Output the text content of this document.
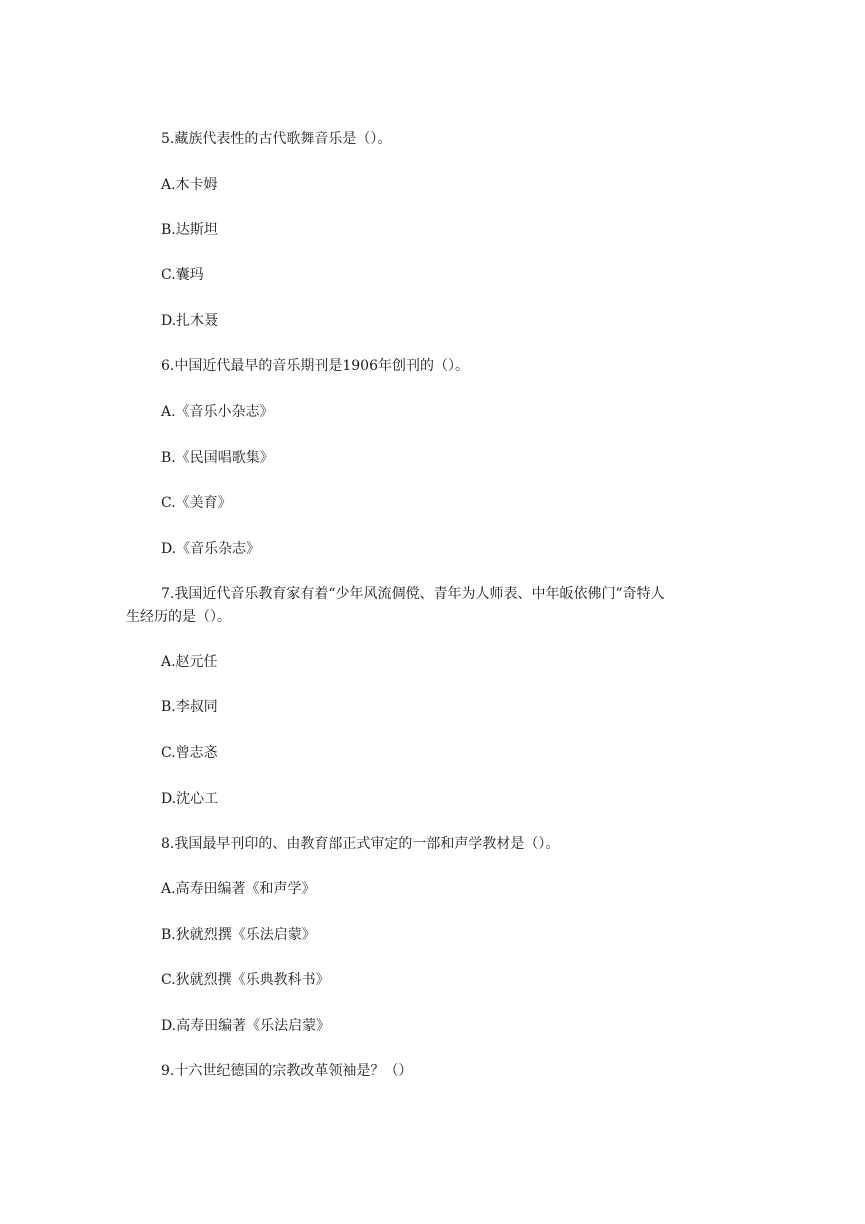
5.藏族代表性的古代歌舞音乐是（）。
A.木卡姆
B.达斯坦
C.囊玛
D.扎木聂
6.中国近代最早的音乐期刊是1906年创刊的（）。
A.《音乐小杂志》
B.《民国唱歌集》
C.《美育》
D.《音乐杂志》
7.我国近代音乐教育家有着“少年风流倜傥、青年为人师表、中年皈依佛门”奇特人
生经历的是（）。
A.赵元任
B.李叔同
C.曾志忞
D.沈心工
8.我国最早刊印的、由教育部正式审定的一部和声学教材是（）。
A.高寿田编著《和声学》
B.狄就烈撰《乐法启蒙》
C.狄就烈撰《乐典教科书》
D.高寿田编著《乐法启蒙》
9.十六世纪德国的宗教改革领袖是？（）
